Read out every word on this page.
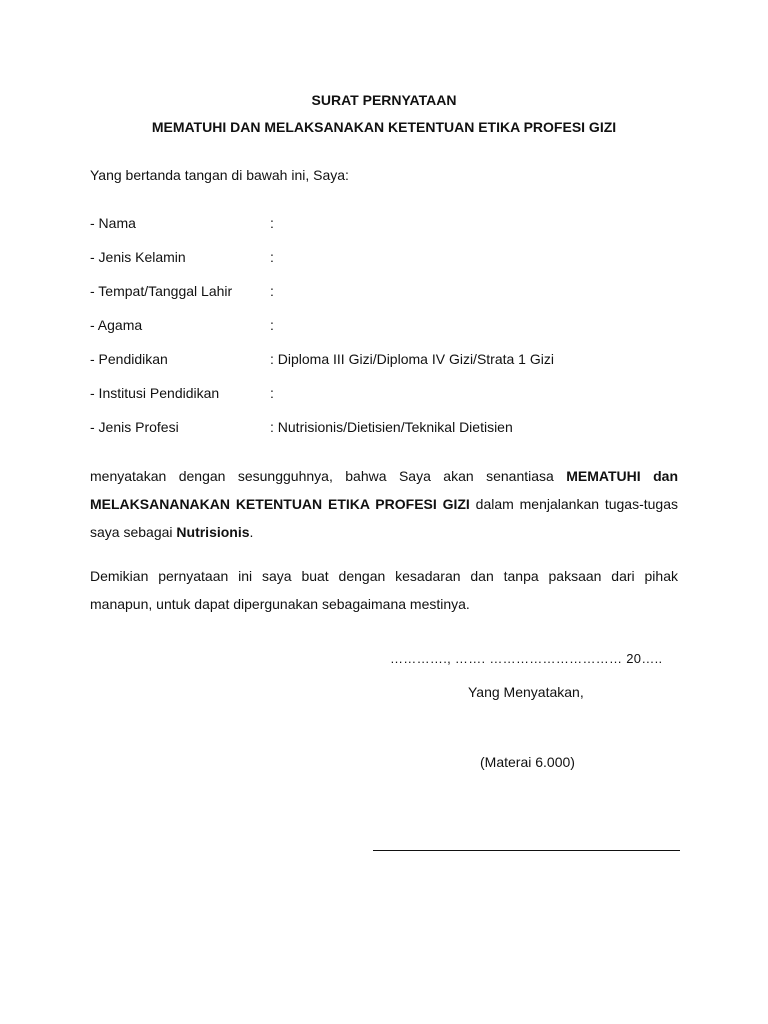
SURAT PERNYATAAN

MEMATUHI DAN MELAKSANAKAN KETENTUAN ETIKA PROFESI GIZI

Yang bertanda tangan di bawah ini, Saya:

- Nama	:
- Jenis Kelamin	:
- Tempat/Tanggal Lahir	:
- Agama	:
- Pendidikan	: Diploma III Gizi/Diploma IV Gizi/Strata 1 Gizi
- Institusi Pendidikan	:
- Jenis Profesi	: Nutrisionis/Dietisien/Teknikal Dietisien

menyatakan dengan sesungguhnya, bahwa Saya akan senantiasa MEMATUHI dan MELAKSANANAKAN KETENTUAN ETIKA PROFESI GIZI dalam menjalankan tugas-tugas saya sebagai Nutrisionis.

Demikian pernyataan ini saya buat dengan kesadaran dan tanpa paksaan dari pihak manapun, untuk dapat dipergunakan sebagaimana mestinya.

…………., ……. ………………………… 20…..
Yang Menyatakan,
(Materai 6.000)
